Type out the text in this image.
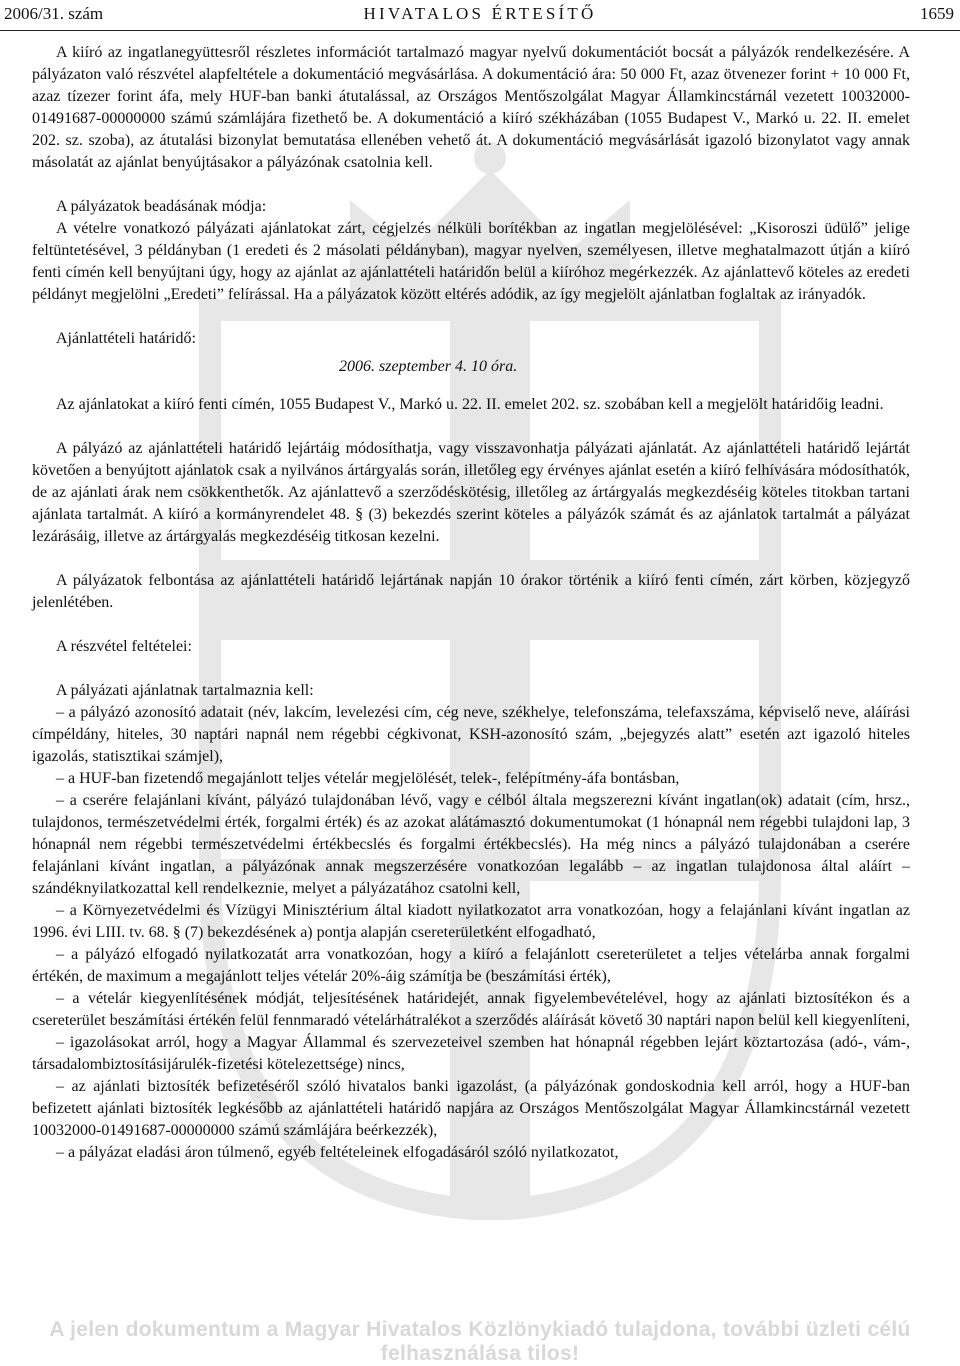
2006/31. szám	HIVATALOS ÉRTESÍTŐ	1659

A kiíró az ingatlanegyüttesről részletes információt tartalmazó magyar nyelvű dokumentációt bocsát a pályázók rendelkezésére. A pályázaton való részvétel alapfeltétele a dokumentáció megvásárlása. A dokumentáció ára: 50 000 Ft, azaz ötvenezer forint + 10 000 Ft, azaz tízezer forint áfa, mely HUF-ban banki átutalással, az Országos Mentőszolgálat Magyar Államkincstárnál vezetett 10032000-01491687-00000000 számú számlájára fizethető be. A dokumentáció a kiíró székházában (1055 Budapest V., Markó u. 22. II. emelet 202. sz. szoba), az átutalási bizonylat bemutatása ellenében vehető át. A dokumentáció megvásárlását igazoló bizonylatot vagy annak másolatát az ajánlat benyújtásakor a pályázónak csatolnia kell.

A pályázatok beadásának módja:

A vételre vonatkozó pályázati ajánlatokat zárt, cégjelzés nélküli borítékban az ingatlan megjelölésével: „Kisoroszi üdülő” jelige feltüntetésével, 3 példányban (1 eredeti és 2 másolati példányban), magyar nyelven, személyesen, illetve meghatalmazott útján a kiíró fenti címén kell benyújtani úgy, hogy az ajánlat az ajánlattételi határidőn belül a kiíróhoz megérkezzék. Az ajánlattevő köteles az eredeti példányt megjelölni „Eredeti” felírással. Ha a pályázatok között eltérés adódik, az így megjelölt ajánlatban foglaltak az irányadók.

Ajánlattételi határidő:

2006. szeptember 4. 10 óra.

Az ajánlatokat a kiíró fenti címén, 1055 Budapest V., Markó u. 22. II. emelet 202. sz. szobában kell a megjelölt határidőig leadni.

A pályázó az ajánlattételi határidő lejártáig módosíthatja, vagy visszavonhatja pályázati ajánlatát. Az ajánlattételi határidő lejártát követően a benyújtott ajánlatok csak a nyilvános ártárgyalás során, illetőleg egy érvényes ajánlat esetén a kiíró felhívására módosíthatók, de az ajánlati árak nem csökkenthetők. Az ajánlattevő a szerződéskötésig, illetőleg az ártárgyalás megkezdéséig köteles titokban tartani ajánlata tartalmát. A kiíró a kormányrendelet 48. § (3) bekezdés szerint köteles a pályázók számát és az ajánlatok tartalmát a pályázat lezárásáig, illetve az ártárgyalás megkezdéséig titkosan kezelni.

A pályázatok felbontása az ajánlattételi határidő lejártának napján 10 órakor történik a kiíró fenti címén, zárt körben, közjegyző jelenlétében.

A részvétel feltételei:

A pályázati ajánlatnak tartalmaznia kell:

– a pályázó azonosító adatait (név, lakcím, levelezési cím, cég neve, székhelye, telefonszáma, telefaxszáma, képviselő neve, aláírási címpéldány, hiteles, 30 naptári napnál nem régebbi cégkivonat, KSH-azonosító szám, „bejegyzés alatt” esetén azt igazoló hiteles igazolás, statisztikai számjel),

– a HUF-ban fizetendő megajánlott teljes vételár megjelölését, telek-, felépítmény-áfa bontásban,

– a cserére felajánlani kívánt, pályázó tulajdonában lévő, vagy e célból általa megszerezni kívánt ingatlan(ok) adatait (cím, hrsz., tulajdonos, természetvédelmi érték, forgalmi érték) és az azokat alátámasztó dokumentumokat (1 hónapnál nem régebbi tulajdoni lap, 3 hónapnál nem régebbi természetvédelmi értékbecslés és forgalmi értékbecslés). Ha még nincs a pályázó tulajdonában a cserére felajánlani kívánt ingatlan, a pályázónak annak megszerzésére vonatkozóan legalább – az ingatlan tulajdonosa által aláírt – szándéknyilatkozattal kell rendelkeznie, melyet a pályázatához csatolni kell,

– a Környezetvédelmi és Vízügyi Minisztérium által kiadott nyilatkozatot arra vonatkozóan, hogy a felajánlani kívánt ingatlan az 1996. évi LIII. tv. 68. § (7) bekezdésének a) pontja alapján csereterületként elfogadható,

– a pályázó elfogadó nyilatkozatát arra vonatkozóan, hogy a kiíró a felajánlott csereterületet a teljes vételárba annak forgalmi értékén, de maximum a megajánlott teljes vételár 20%-áig számítja be (beszámítási érték),

– a vételár kiegyenlítésének módját, teljesítésének határidejét, annak figyelembevételével, hogy az ajánlati biztosítékon és a csereterület beszámítási értékén felül fennmaradó vételárhátralékot a szerződés aláírását követő 30 naptári napon belül kell kiegyenlíteni,

– igazolásokat arról, hogy a Magyar Állammal és szervezeteivel szemben hat hónapnál régebben lejárt köztartozása (adó-, vám-, társadalombiztosításijárulék-fizetési kötelezettsége) nincs,

– az ajánlati biztosíték befizetéséről szóló hivatalos banki igazolást, (a pályázónak gondoskodnia kell arról, hogy a HUF-ban befizetett ajánlati biztosíték legkésőbb az ajánlattételi határidő napjára az Országos Mentőszolgálat Magyar Államkincstárnál vezetett 10032000-01491687-00000000 számú számlájára beérkezzék),

– a pályázat eladási áron túlmenő, egyéb feltételeinek elfogadásáról szóló nyilatkozatot,

A jelen dokumentum a Magyar Hivatalos Közlönykiadó tulajdona, további üzleti célú felhasználása tilos!
